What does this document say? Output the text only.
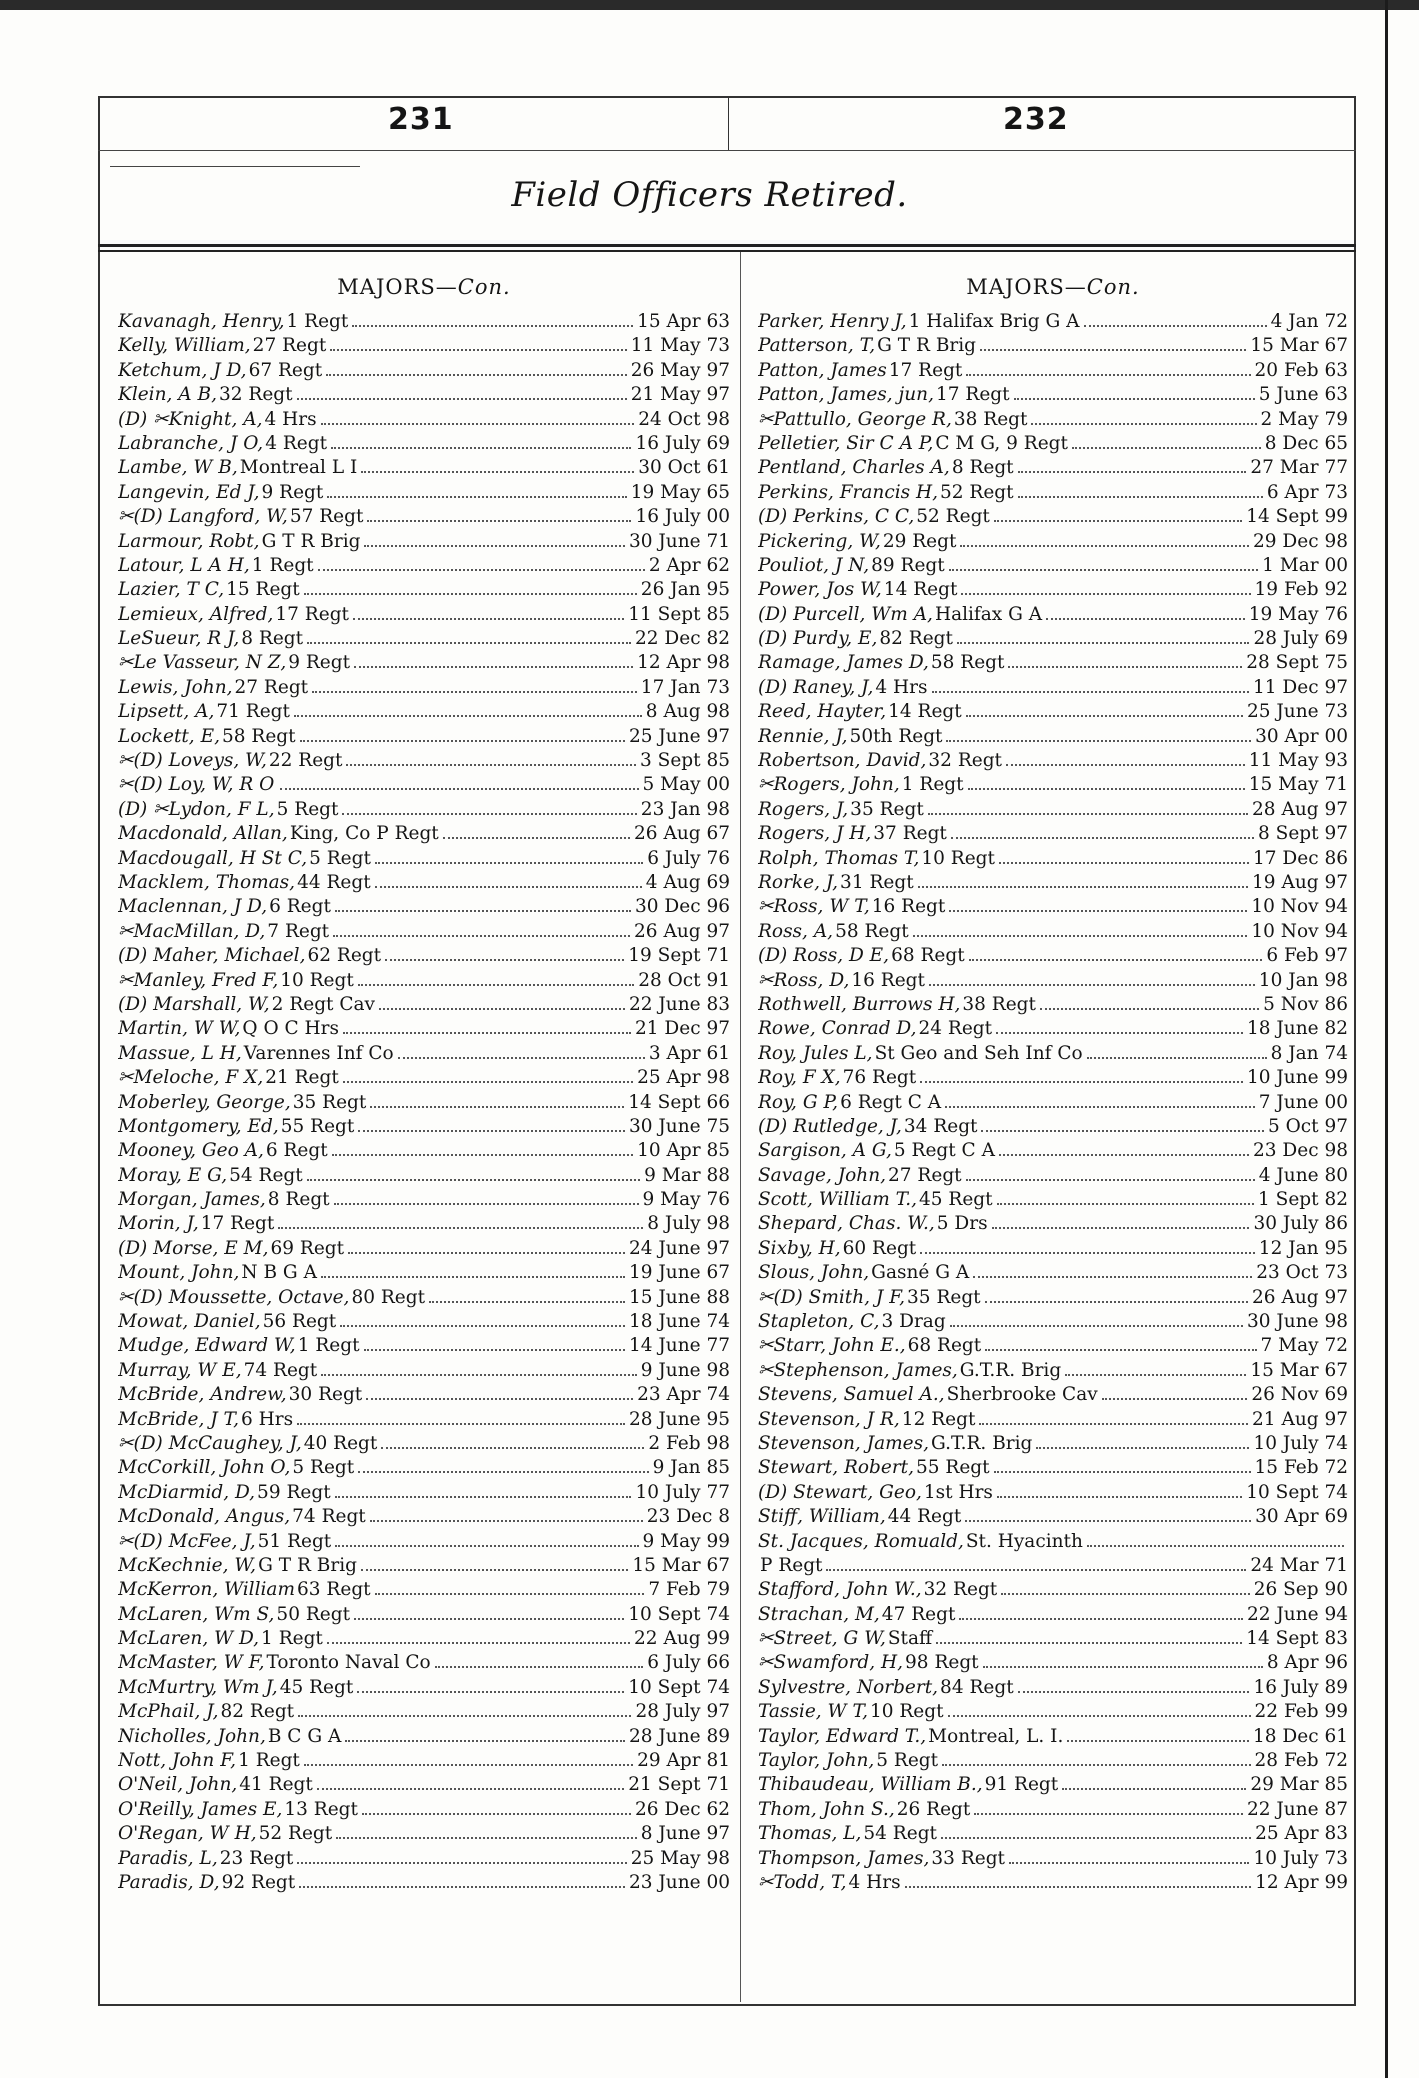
231	232
Field Officers Retired.
MAJORS—Con.
Kavanagh, Henry, 1 Regt	15 Apr 63
Kelly, William, 27 Regt	11 May 73
Ketchum, J D, 67 Regt	26 May 97
Klein, A B, 32 Regt	21 May 97
(D) ✂Knight, A, 4 Hrs	24 Oct 98
Labranche, J O, 4 Regt	16 July 69
Lambe, W B, Montreal L I	30 Oct 61
Langevin, Ed J, 9 Regt	19 May 65
✂(D) Langford, W, 57 Regt	16 July 00
Larmour, Robt, G T R Brig	30 June 71
Latour, L A H, 1 Regt	2 Apr 62
Lazier, T C, 15 Regt	26 Jan 95
Lemieux, Alfred, 17 Regt	11 Sept 85
LeSueur, R J, 8 Regt	22 Dec 82
✂Le Vasseur, N Z, 9 Regt	12 Apr 98
Lewis, John, 27 Regt	17 Jan 73
Lipsett, A, 71 Regt	8 Aug 98
Lockett, E, 58 Regt	25 June 97
✂(D) Loveys, W, 22 Regt	3 Sept 85
✂(D) Loy, W, R O	5 May 00
(D) ✂Lydon, F L, 5 Regt	23 Jan 98
Macdonald, Allan, King, Co P Regt	26 Aug 67
Macdougall, H St C, 5 Regt	6 July 76
Macklem, Thomas, 44 Regt	4 Aug 69
Maclennan, J D, 6 Regt	30 Dec 96
✂MacMillan, D, 7 Regt	26 Aug 97
(D) Maher, Michael, 62 Regt	19 Sept 71
✂Manley, Fred F, 10 Regt	28 Oct 91
(D) Marshall, W, 2 Regt Cav	22 June 83
Martin, W W, Q O C Hrs	21 Dec 97
Massue, L H, Varennes Inf Co	3 Apr 61
✂Meloche, F X, 21 Regt	25 Apr 98
Moberley, George, 35 Regt	14 Sept 66
Montgomery, Ed, 55 Regt	30 June 75
Mooney, Geo A, 6 Regt	10 Apr 85
Moray, E G, 54 Regt	9 Mar 88
Morgan, James, 8 Regt	9 May 76
Morin, J, 17 Regt	8 July 98
(D) Morse, E M, 69 Regt	24 June 97
Mount, John, N B G A	19 June 67
✂(D) Moussette, Octave, 80 Regt	15 June 88
Mowat, Daniel, 56 Regt	18 June 74
Mudge, Edward W, 1 Regt	14 June 77
Murray, W E, 74 Regt	9 June 98
McBride, Andrew, 30 Regt	23 Apr 74
McBride, J T, 6 Hrs	28 June 95
✂(D) McCaughey, J, 40 Regt	2 Feb 98
McCorkill, John O, 5 Regt	9 Jan 85
McDiarmid, D, 59 Regt	10 July 77
McDonald, Angus, 74 Regt	23 Dec 8
✂(D) McFee, J, 51 Regt	9 May 99
McKechnie, W, G T R Brig	15 Mar 67
McKerron, William 63 Regt	7 Feb 79
McLaren, Wm S, 50 Regt	10 Sept 74
McLaren, W D, 1 Regt	22 Aug 99
McMaster, W F, Toronto Naval Co	6 July 66
McMurtry, Wm J, 45 Regt	10 Sept 74
McPhail, J, 82 Regt	28 July 97
Nicholles, John, B C G A	28 June 89
Nott, John F, 1 Regt	29 Apr 81
O'Neil, John, 41 Regt	21 Sept 71
O'Reilly, James E, 13 Regt	26 Dec 62
O'Regan, W H, 52 Regt	8 June 97
Paradis, L, 23 Regt	25 May 98
Paradis, D, 92 Regt	23 June 00
MAJORS—Con.
Parker, Henry J, 1 Halifax Brig G A	4 Jan 72
Patterson, T, G T R Brig	15 Mar 67
Patton, James 17 Regt	20 Feb 63
Patton, James, jun, 17 Regt	5 June 63
✂Pattullo, George R, 38 Regt	2 May 79
Pelletier, Sir C A P, C M G, 9 Regt	8 Dec 65
Pentland, Charles A, 8 Regt	27 Mar 77
Perkins, Francis H, 52 Regt	6 Apr 73
(D) Perkins, C C, 52 Regt	14 Sept 99
Pickering, W, 29 Regt	29 Dec 98
Pouliot, J N, 89 Regt	1 Mar 00
Power, Jos W, 14 Regt	19 Feb 92
(D) Purcell, Wm A, Halifax G A	19 May 76
(D) Purdy, E, 82 Regt	28 July 69
Ramage, James D, 58 Regt	28 Sept 75
(D) Raney, J, 4 Hrs	11 Dec 97
Reed, Hayter, 14 Regt	25 June 73
Rennie, J, 50th Regt	30 Apr 00
Robertson, David, 32 Regt	11 May 93
✂Rogers, John, 1 Regt	15 May 71
Rogers, J, 35 Regt	28 Aug 97
Rogers, J H, 37 Regt	8 Sept 97
Rolph, Thomas T, 10 Regt	17 Dec 86
Rorke, J, 31 Regt	19 Aug 97
✂Ross, W T, 16 Regt	10 Nov 94
Ross, A, 58 Regt	10 Nov 94
(D) Ross, D E, 68 Regt	6 Feb 97
✂Ross, D, 16 Regt	10 Jan 98
Rothwell, Burrows H, 38 Regt	5 Nov 86
Rowe, Conrad D, 24 Regt	18 June 82
Roy, Jules L, St Geo and Seh Inf Co	8 Jan 74
Roy, F X, 76 Regt	10 June 99
Roy, G P, 6 Regt C A	7 June 00
(D) Rutledge, J, 34 Regt	5 Oct 97
Sargison, A G, 5 Regt C A	23 Dec 98
Savage, John, 27 Regt	4 June 80
Scott, William T., 45 Regt	1 Sept 82
Shepard, Chas. W., 5 Drs	30 July 86
Sixby, H, 60 Regt	12 Jan 95
Slous, John, Gasné G A	23 Oct 73
✂(D) Smith, J F, 35 Regt	26 Aug 97
Stapleton, C, 3 Drag	30 June 98
✂Starr, John E., 68 Regt	7 May 72
✂Stephenson, James, G.T.R. Brig	15 Mar 67
Stevens, Samuel A., Sherbrooke Cav	26 Nov 69
Stevenson, J R, 12 Regt	21 Aug 97
Stevenson, James, G.T.R. Brig	10 July 74
Stewart, Robert, 55 Regt	15 Feb 72
(D) Stewart, Geo, 1st Hrs	10 Sept 74
Stiff, William, 44 Regt	30 Apr 69
St. Jacques, Romuald, St. Hyacinth
P Regt	24 Mar 71
Stafford, John W., 32 Regt	26 Sep 90
Strachan, M, 47 Regt	22 June 94
✂Street, G W, Staff	14 Sept 83
✂Swamford, H, 98 Regt	8 Apr 96
Sylvestre, Norbert, 84 Regt	16 July 89
Tassie, W T, 10 Regt	22 Feb 99
Taylor, Edward T., Montreal, L. I.	18 Dec 61
Taylor, John, 5 Regt	28 Feb 72
Thibaudeau, William B., 91 Regt	29 Mar 85
Thom, John S., 26 Regt	22 June 87
Thomas, L, 54 Regt	25 Apr 83
Thompson, James, 33 Regt	10 July 73
✂Todd, T, 4 Hrs	12 Apr 99
